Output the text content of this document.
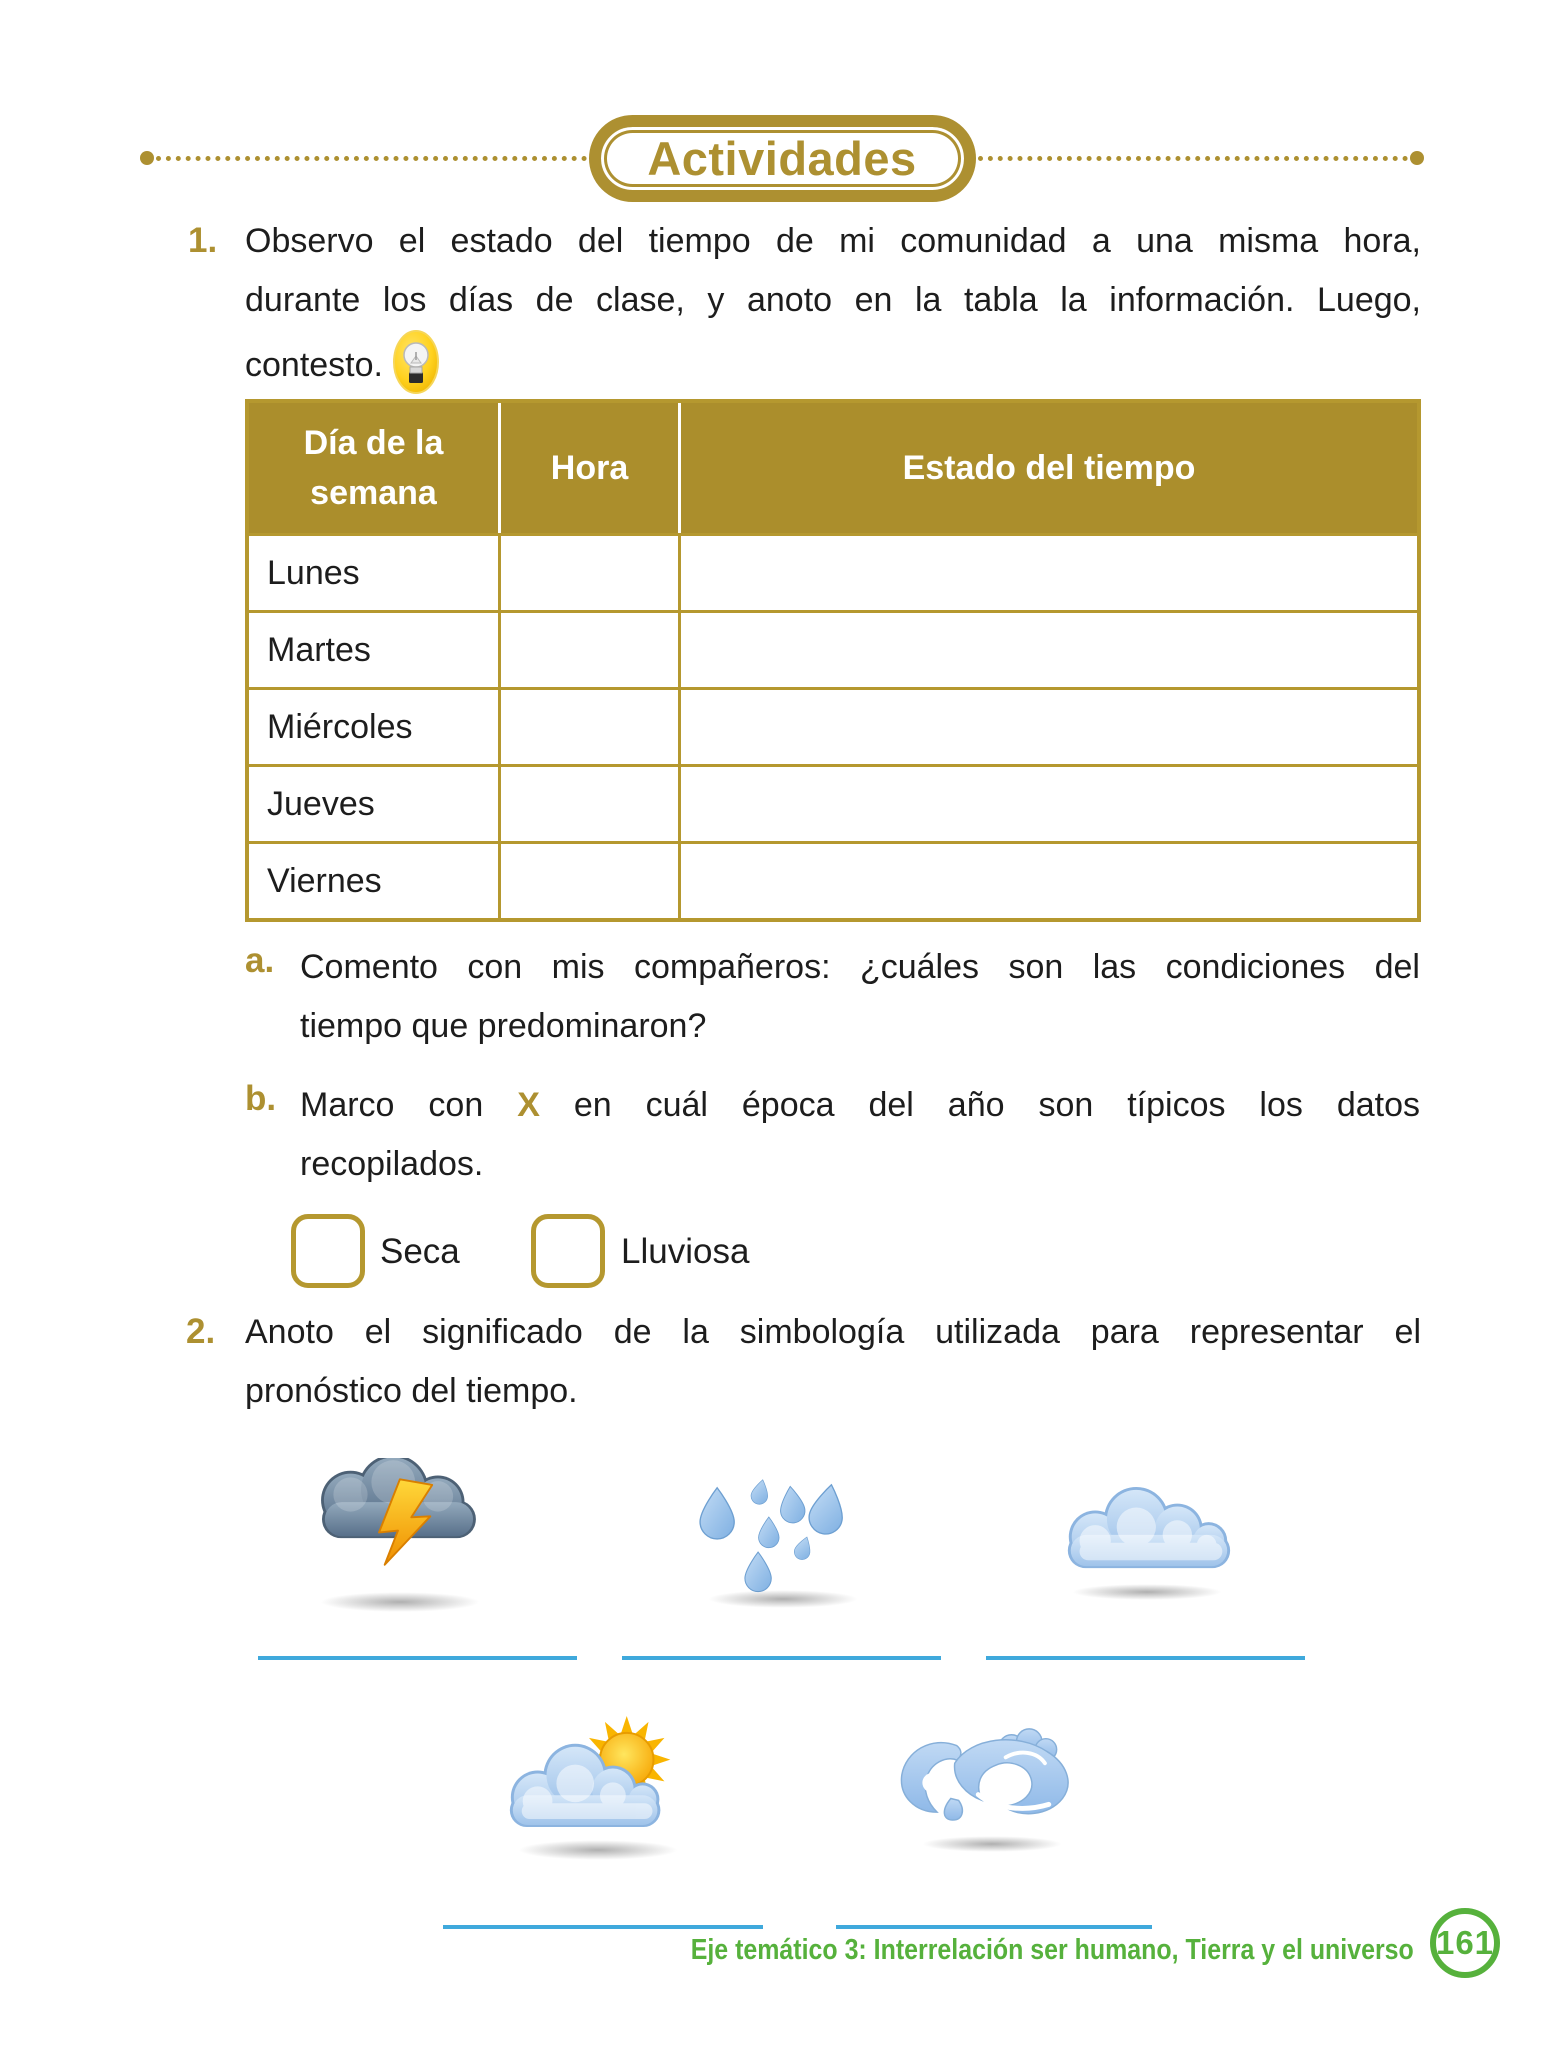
Actividades
1. Observo el estado del tiempo de mi comunidad a una misma hora,
durante los días de clase, y anoto en la tabla la información. Luego,
contesto.
Día de la semana
Hora	Estado del tiempo
Lunes
Martes
Miércoles
Jueves
Viernes
a. Comento con mis compañeros: ¿cuáles son las condiciones del
tiempo que predominaron?
b. Marco con X en cuál época del año son típicos los datos
recopilados.
Seca	Lluviosa
2. Anoto el significado de la simbología utilizada para representar el
pronóstico del tiempo.
Eje temático 3: Interrelación ser humano, Tierra y el universo 161
